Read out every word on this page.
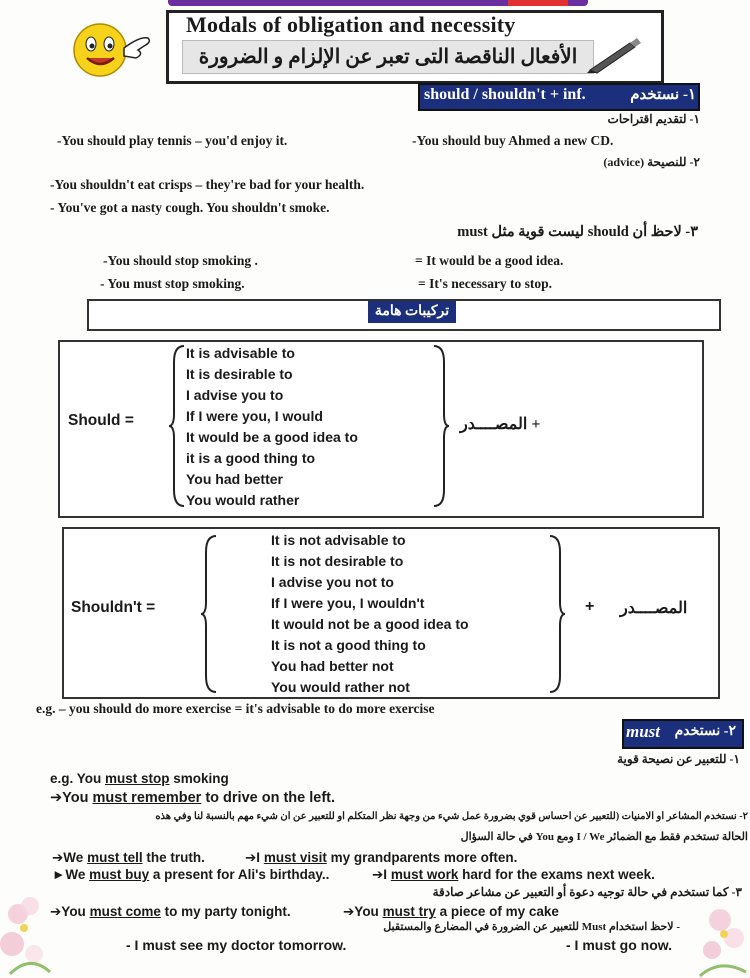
Modals of obligation and necessity
الأفعال الناقصة التى تعبر عن الإلزام و الضرورة
should / shouldn't + inf.	١- نستخدم
١- لتقديم اقتراحات
-You should play tennis – you'd enjoy it.	-You should buy Ahmed a new CD.
٢- للنصيحة (advice)
-You shouldn't eat crisps – they're bad for your health.
- You've got a nasty cough. You shouldn't smoke.
٣- لاحظ أن should ليست قوية مثل must
-You should stop smoking .	= It would be a good idea.
- You must stop smoking.	= It's necessary to stop.
تركيبات هامة
Should =
It is advisable to
It is desirable to
I advise you to
If I were you, I would
It would be a good idea to
it is a good thing to
You had better
You would rather
+ المصــــدر
Shouldn't =
It is not advisable to
It is not desirable to
I advise you not to
If I were you, I wouldn't
It would not be a good idea to
It is not a good thing to
You had better not
You would rather not
+ المصــــدر
e.g. – you should do more exercise = it's advisable to do more exercise
must	٢- نستخدم
١- للتعبير عن نصيحة قوية
e.g. You must stop smoking
➔You must remember to drive on the left.
٢- نستخدم المشاعر او الامنيات (للتعبير عن احساس قوي بضرورة عمل شيء من وجهة نظر المتكلم او للتعبير عن أن شيء مهم بالنسبة لنا وفي هذه
الحالة تستخدم فقط مع الضمائر I / We ومع You في حالة السؤال
➔We must tell the truth.	➔I must visit my grandparents more often.
►We must buy a present for Ali's birthday..	➔I must work hard for the exams next week.
٣- كما تستخدم في حالة توجيه دعوة أو التعبير عن مشاعر صادقة
➔You must come to my party tonight.	➔You must try a piece of my cake
- لاحظ استخدام Must للتعبير عن الضرورة في المضارع والمستقبل
- I must see my doctor tomorrow.	- I must go now.
